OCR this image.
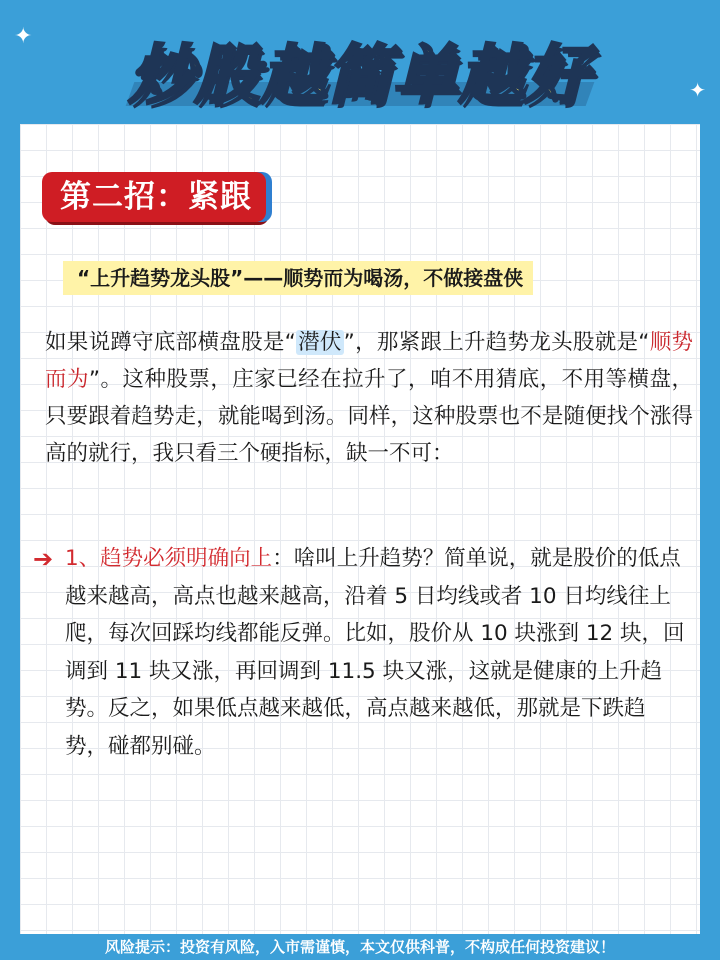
炒股越简单越好
✦
✦
第二招：紧跟
“上升趋势龙头股”——顺势而为喝汤，不做接盘侠
如果说蹲守底部横盘股是“潜伏”，那紧跟上升趋势龙头股就是“顺势而为”。这种股票，庄家已经在拉升了，咱不用猜底，不用等横盘，只要跟着趋势走，就能喝到汤。同样，这种股票也不是随便找个涨得高的就行，我只看三个硬指标，缺一不可：
➔ 1、趋势必须明确向上：啥叫上升趋势？简单说，就是股价的低点越来越高，高点也越来越高，沿着 5 日均线或者 10 日均线往上爬，每次回踩均线都能反弹。比如，股价从 10 块涨到 12 块，回调到 11 块又涨，再回调到 11.5 块又涨，这就是健康的上升趋势。反之，如果低点越来越低，高点越来越低，那就是下跌趋势，碰都别碰。
风险提示：投资有风险，入市需谨慎，本文仅供科普，不构成任何投资建议！
